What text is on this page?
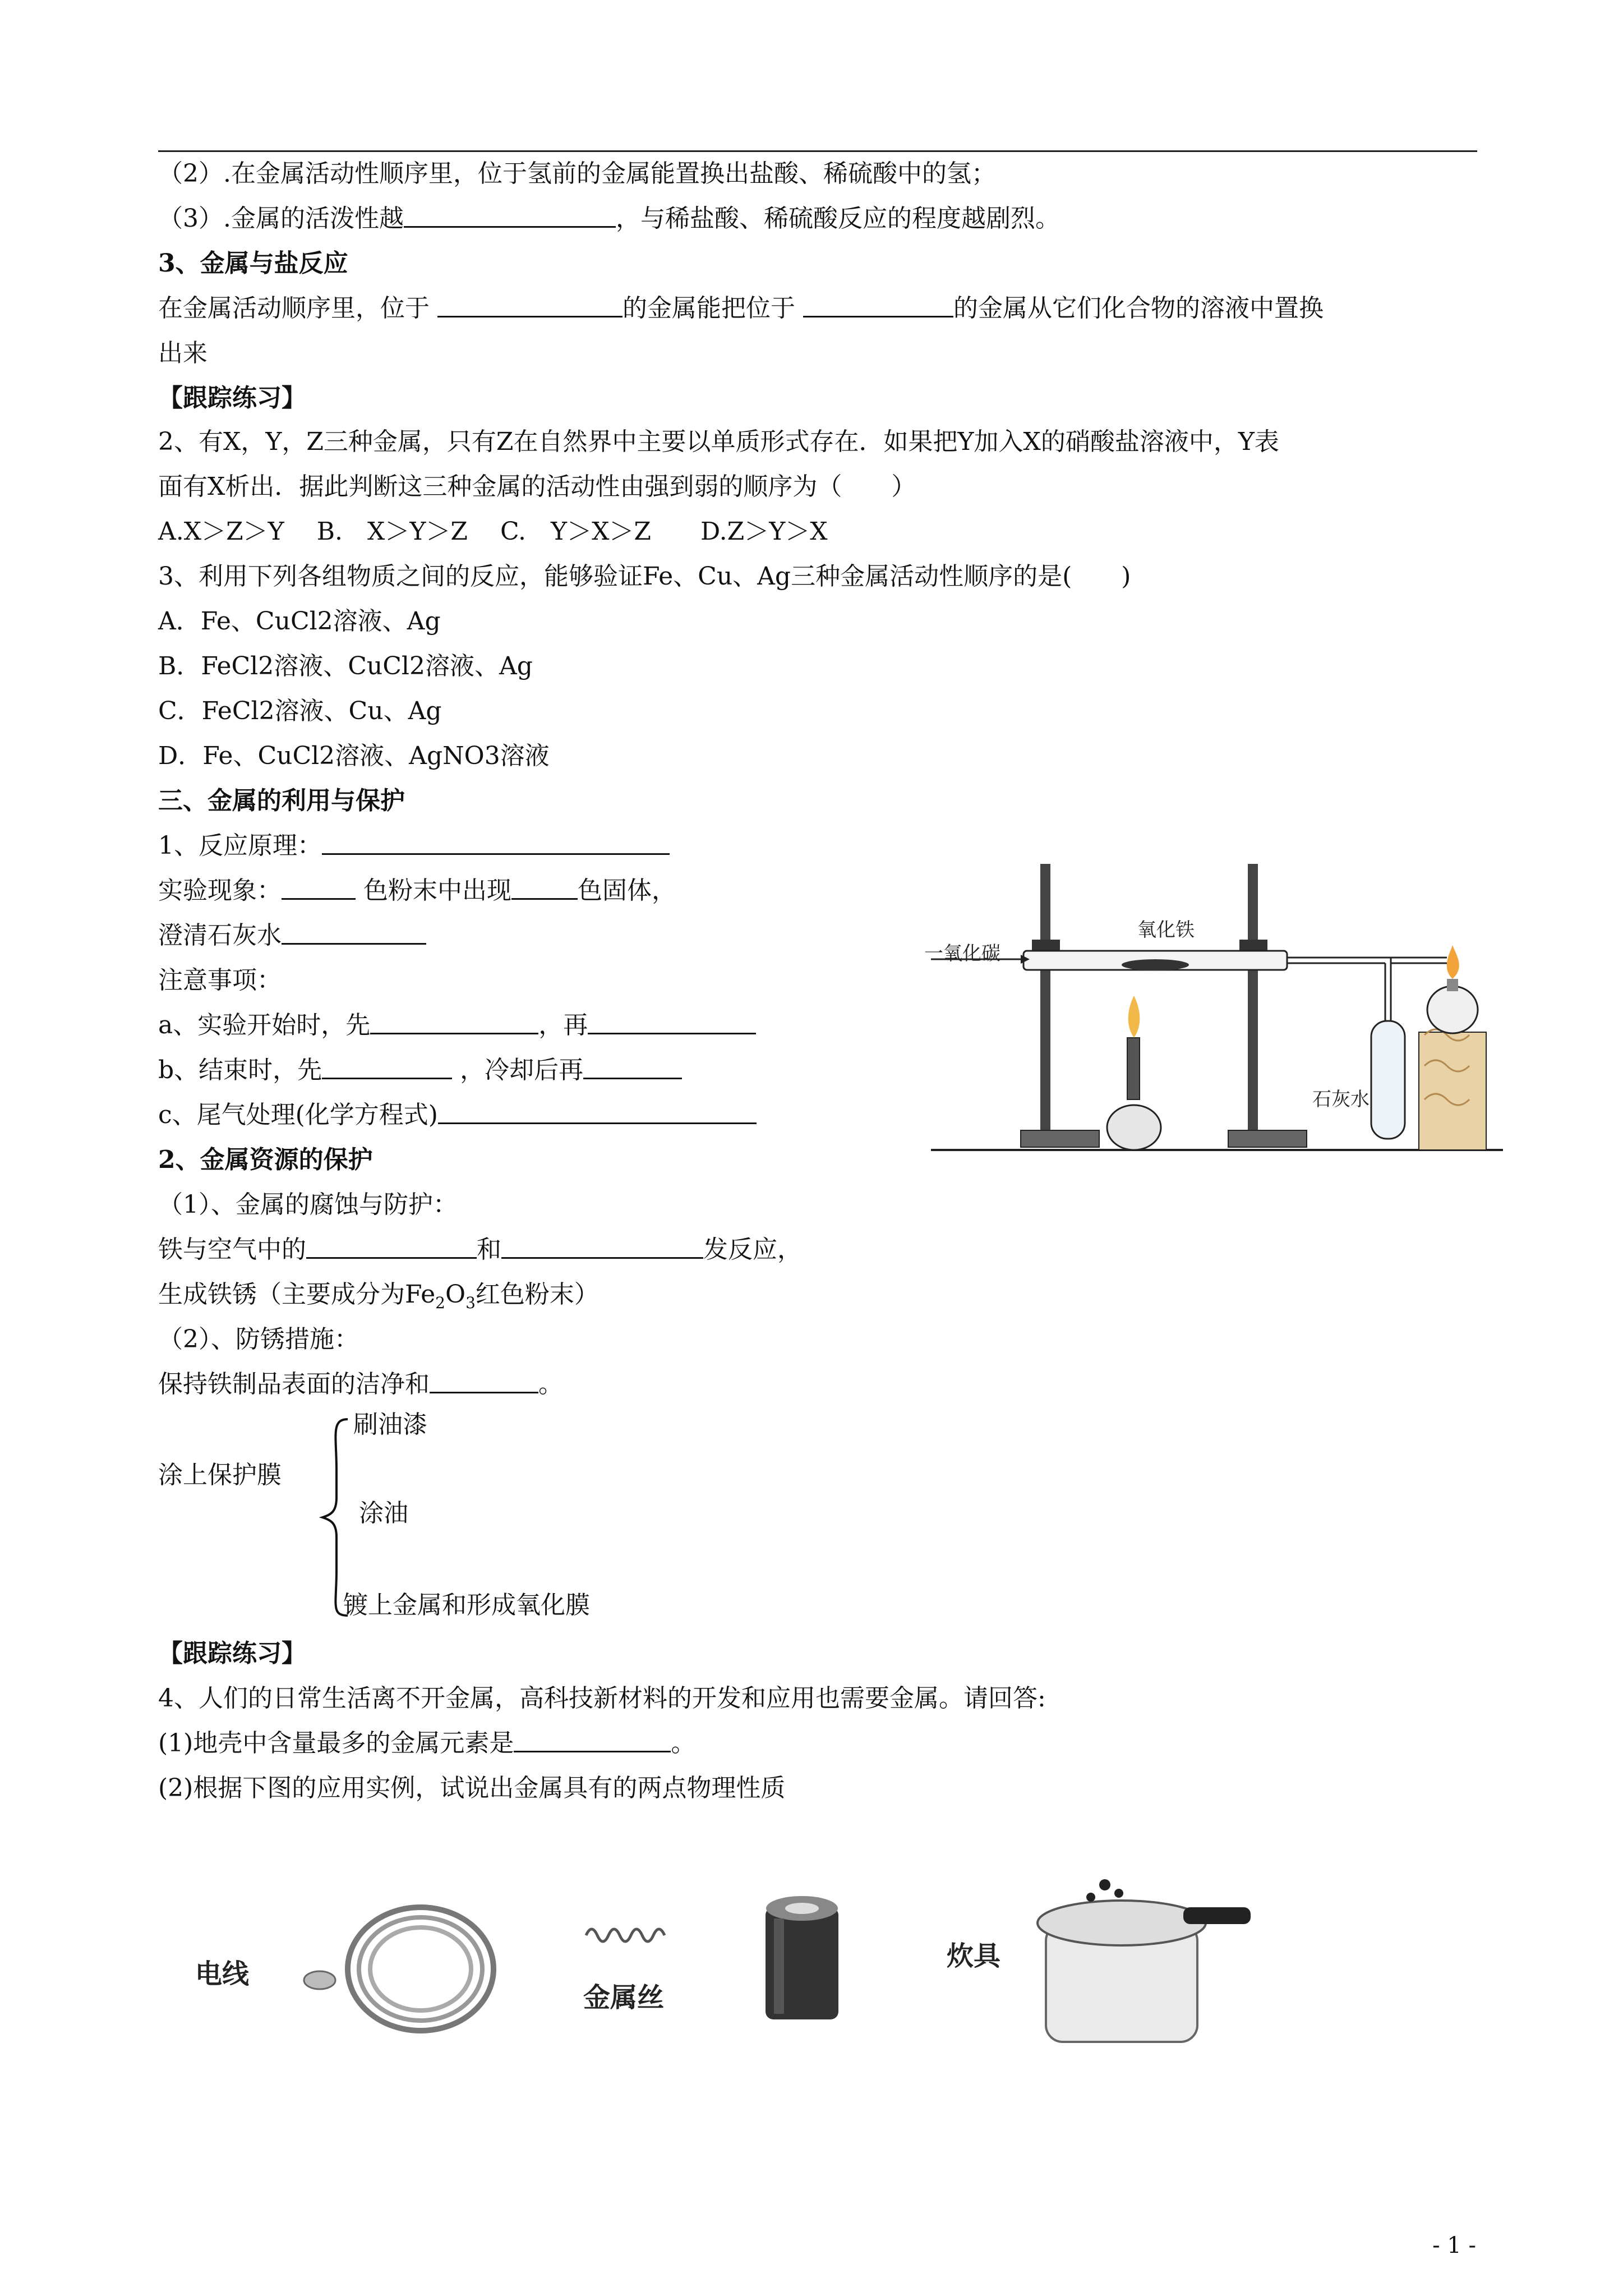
（2）.在金属活动性顺序里，位于氢前的金属能置换出盐酸、稀硫酸中的氢；
（3）.金属的活泼性越	，与稀盐酸、稀硫酸反应的程度越剧烈。
3、金属与盐反应
在金属活动顺序里，位于	的金属能把位于	的金属从它们化合物的溶液中置换
出来
【跟踪练习】
2、有X，Y，Z三种金属，只有Z在自然界中主要以单质形式存在．如果把Y加入X的硝酸盐溶液中，Y表
面有X析出．据此判断这三种金属的活动性由强到弱的顺序为（　　）
A.X＞Z＞Y　 B.　X＞Y＞Z　 C.　Y＞X＞Z　　D.Z＞Y＞X
3、利用下列各组物质之间的反应，能够验证Fe、Cu、Ag三种金属活动性顺序的是(　　)
A．Fe、CuCl2溶液、Ag
B．FeCl2溶液、CuCl2溶液、Ag
C．FeCl2溶液、Cu、Ag
D．Fe、CuCl2溶液、AgNO3溶液
三、金属的利用与保护
1、反应原理：
实验现象：	色粉末中出现	色固体，
澄清石灰水
注意事项：
a、实验开始时，先	，再
b、结束时，先	，冷却后再
c、尾气处理(化学方程式)
2、金属资源的保护
（1）、金属的腐蚀与防护：
铁与空气中的	和	发反应，
生成铁锈（主要成分为$Fe_2O_3$红色粉末）
（2）、防锈措施：
保持铁制品表面的洁净和	。
涂上保护膜
刷油漆
涂油
镀上金属和形成氧化膜
【跟踪练习】
4、人们的日常生活离不开金属，高科技新材料的开发和应用也需要金属。请回答:
(1)地壳中含量最多的金属元素是	。
(2)根据下图的应用实例，试说出金属具有的两点物理性质
一氧化碳
氧化铁
石灰水
电线
金属丝
炊具
- 1 -
